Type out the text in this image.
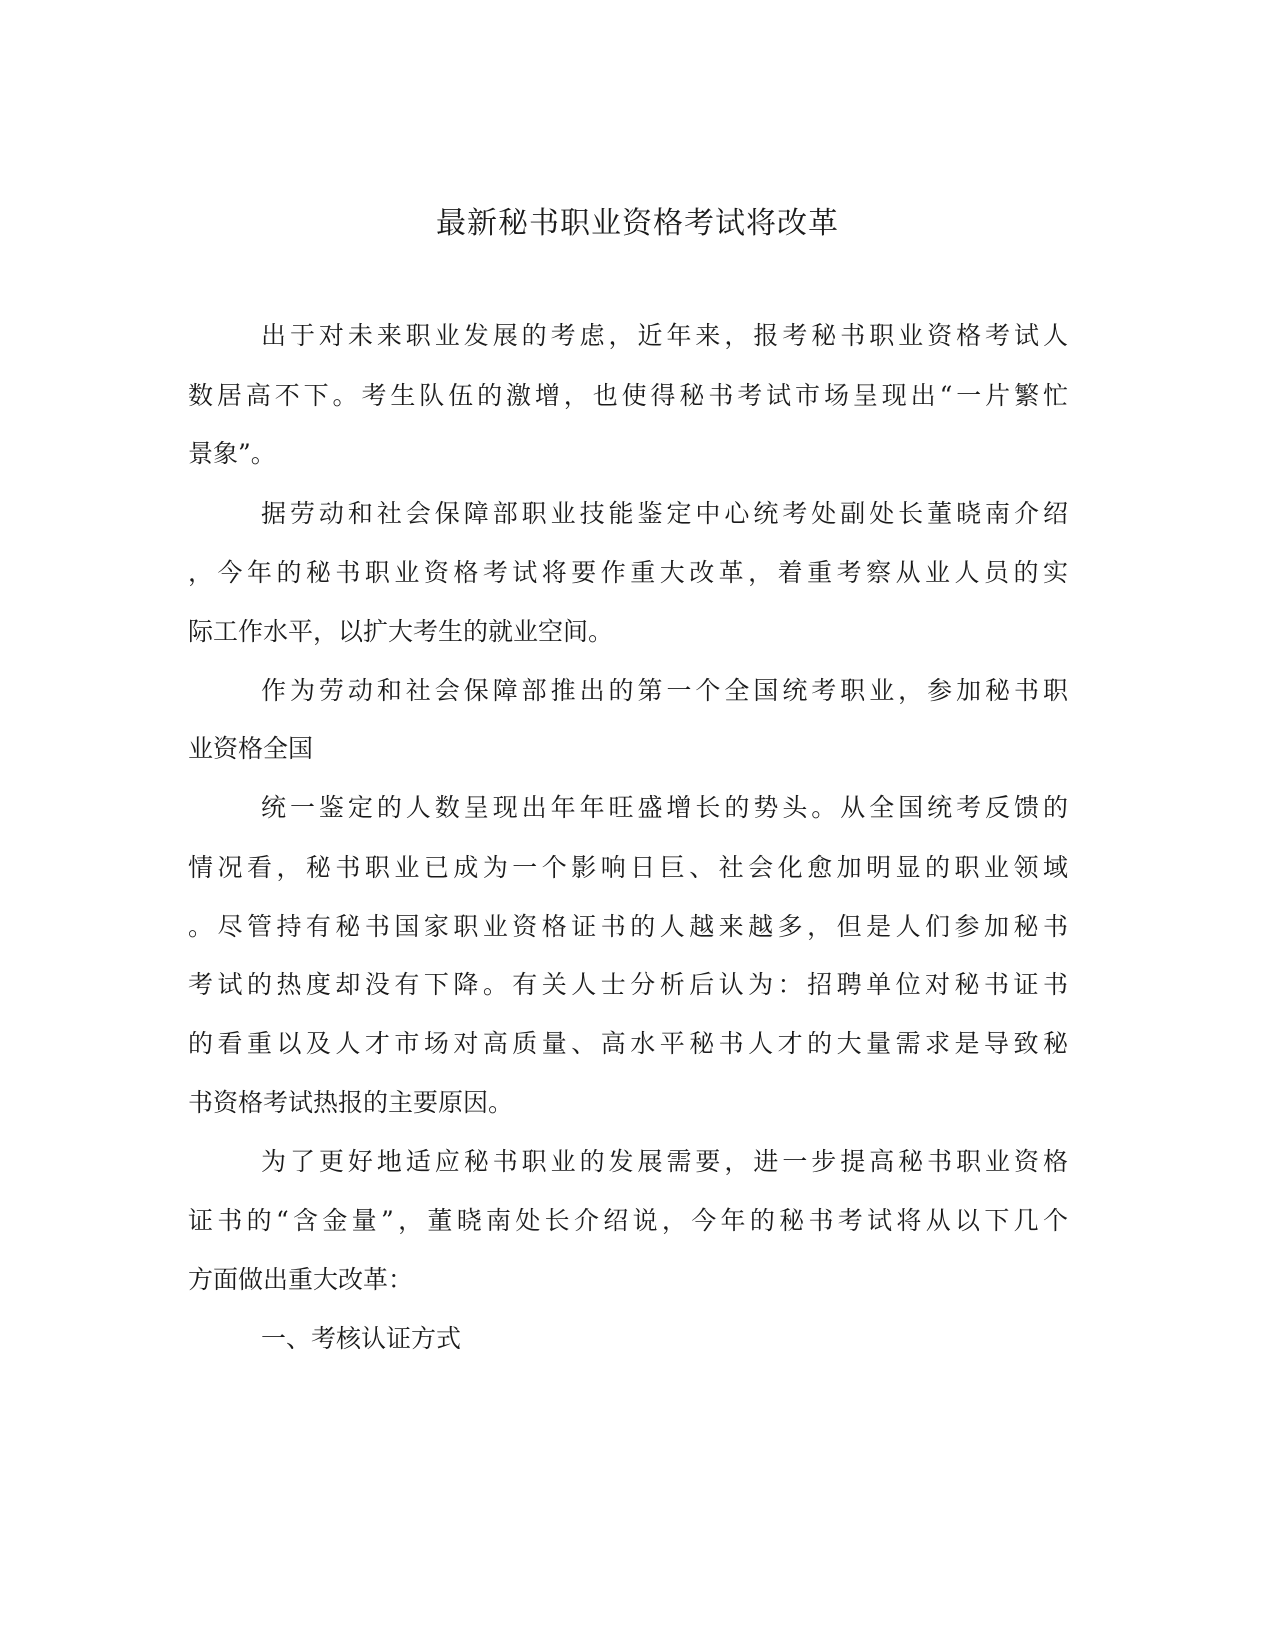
最新秘书职业资格考试将改革

出于对未来职业发展的考虑，近年来，报考秘书职业资格考试人

数居高不下。考生队伍的激增，也使得秘书考试市场呈现出“一片繁忙

景象”。

据劳动和社会保障部职业技能鉴定中心统考处副处长董晓南介绍

，今年的秘书职业资格考试将要作重大改革，着重考察从业人员的实

际工作水平，以扩大考生的就业空间。

作为劳动和社会保障部推出的第一个全国统考职业，参加秘书职

业资格全国

统一鉴定的人数呈现出年年旺盛增长的势头。从全国统考反馈的

情况看，秘书职业已成为一个影响日巨、社会化愈加明显的职业领域

。尽管持有秘书国家职业资格证书的人越来越多，但是人们参加秘书

考试的热度却没有下降。有关人士分析后认为：招聘单位对秘书证书

的看重以及人才市场对高质量、高水平秘书人才的大量需求是导致秘

书资格考试热报的主要原因。

为了更好地适应秘书职业的发展需要，进一步提高秘书职业资格

证书的“含金量”，董晓南处长介绍说，今年的秘书考试将从以下几个

方面做出重大改革：

一、考核认证方式
